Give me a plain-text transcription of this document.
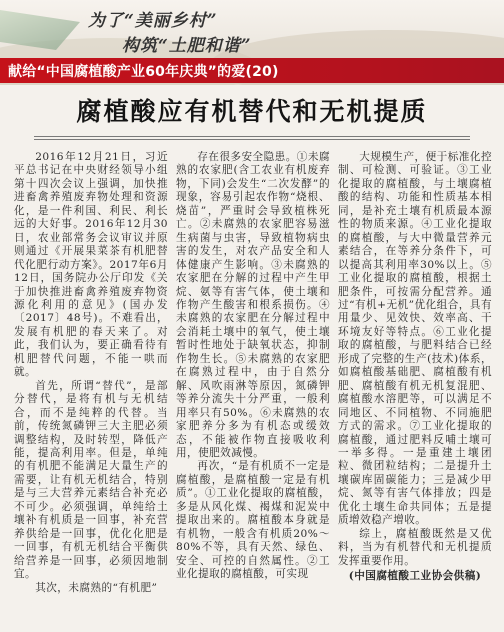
为了“美丽乡村”
构筑“土肥和谐”
献给“中国腐植酸产业60年庆典”的爱(20)
腐植酸应有机替代和无机提质

2016年12月21日，习近平总书记在中央财经领导小组第十四次会议上强调，加快推进畜禽养殖废弃物处理和资源化，是一件利国、利民、利长远的大好事。2016年12月30日，农业部常务会议审议并原则通过《开展果菜茶有机肥替代化肥行动方案》。2017年6月12日，国务院办公厅印发《关于加快推进畜禽养殖废弃物资源化利用的意见》(国办发〔2017〕48号)。不难看出，发展有机肥的春天来了。对此，我们认为，要正确看待有机肥替代问题，不能一哄而就。

首先，所谓“替代”，是部分替代，是将有机与无机结合，而不是纯粹的代替。当前，传统氮磷钾三大主肥必须调整结构，及时转型，降低产能，提高利用率。但是，单纯的有机肥不能满足大量生产的需要，让有机无机结合，特别是与三大营养元素结合补充必不可少。必须强调，单纯给土壤补有机质是一回事，补充营养供给是一回事，优化化肥是一回事，有机无机结合平衡供给营养是一回事，必须因地制宜。

其次，未腐熟的“有机肥”

存在很多安全隐患。①未腐熟的农家肥(含工农业有机废弃物，下同)会发生“二次发酵”的现象，容易引起农作物“烧根、烧苗”，严重时会导致植株死亡。②未腐熟的农家肥容易滋生病菌与虫害，导致植物病虫害的发生，对农产品安全和人体健康产生影响。③未腐熟的农家肥在分解的过程中产生甲烷、氨等有害气体，使土壤和作物产生酸害和根系损伤。④未腐熟的农家肥在分解过程中会消耗土壤中的氧气，使土壤暂时性地处于缺氧状态，抑制作物生长。⑤未腐熟的农家肥在腐熟过程中，由于自然分解、风吹雨淋等原因，氮磷钾等养分流失十分严重，一般利用率只有50%。⑥未腐熟的农家肥养分多为有机态或缓效态，不能被作物直接吸收利用，使肥效减慢。

再次，“是有机质不一定是腐植酸，是腐植酸一定是有机质”。①工业化提取的腐植酸，多是从风化煤、褐煤和泥炭中提取出来的。腐植酸本身就是有机物，一般含有机质20%～80%不等，具有天然、绿色、安全、可控的自然属性。②工业化提取的腐植酸，可实现

大规模生产，便于标准化控制、可检测、可验证。③工业化提取的腐植酸，与土壤腐植酸的结构、功能和性质基本相同，是补充土壤有机质最本源性的物质来源。④工业化提取的腐植酸，与大中微量营养元素结合，在等养分条件下，可以提高其利用率30%以上。⑤工业化提取的腐植酸，根据土肥条件，可按需分配营养。通过“有机+无机”优化组合，具有用量少、见效快、效率高、干环境友好等特点。⑥工业化提取的腐植酸，与肥料结合已经形成了完整的生产(技术)体系，如腐植酸基础肥、腐植酸有机肥、腐植酸有机无机复混肥、腐植酸水溶肥等，可以满足不同地区、不同植物、不同施肥方式的需求。⑦工业化提取的腐植酸，通过肥料反哺土壤可一举多得。一是重建土壤团粒、微团粒结构；二是提升土壤碳库固碳能力；三是减少甲烷、氮等有害气体排放；四是优化土壤生命共同体；五是提质增效稳产增收。

综上，腐植酸既然是又优料，当为有机替代和无机提质发挥重要作用。

(中国腐植酸工业协会供稿)
